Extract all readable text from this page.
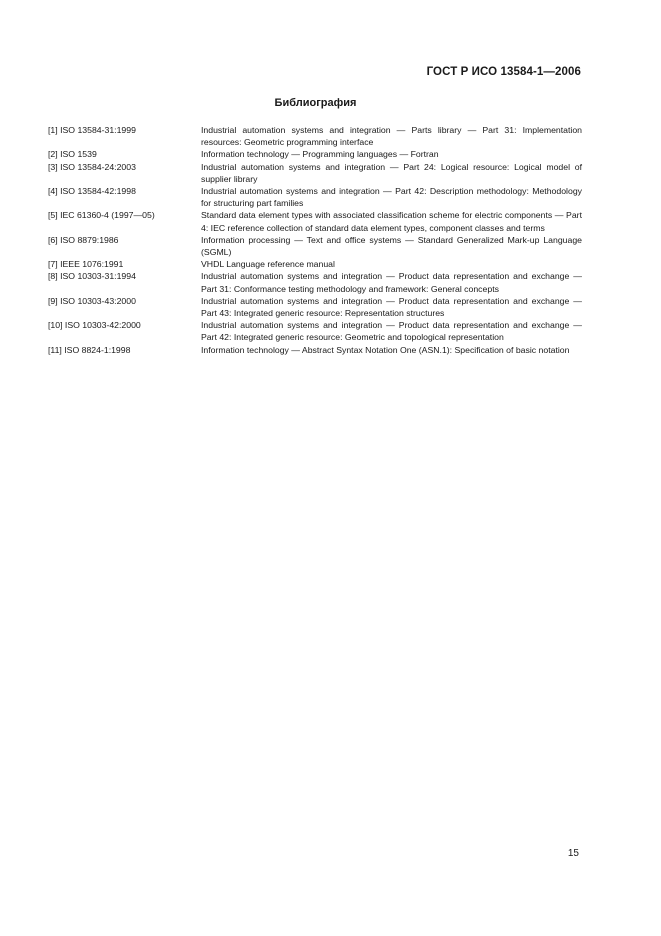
ГОСТ Р ИСО 13584-1—2006
Библиография
[1] ISO 13584-31:1999	Industrial automation systems and integration — Parts library — Part 31: Implementation resources: Geometric programming interface
[2] ISO 1539	Information technology — Programming languages — Fortran
[3] ISO 13584-24:2003	Industrial automation systems and integration — Part 24: Logical resource: Logical model of supplier library
[4] ISO 13584-42:1998	Industrial automation systems and integration — Part 42: Description methodology: Methodology for structuring part families
[5] IEC 61360-4 (1997—05)	Standard data element types with associated classification scheme for electric components — Part 4: IEC reference collection of standard data element types, component classes and terms
[6] ISO 8879:1986	Information processing — Text and office systems — Standard Generalized Mark-up Language (SGML)
[7] IEEE 1076:1991	VHDL Language reference manual
[8] ISO 10303-31:1994	Industrial automation systems and integration — Product data representation and exchange — Part 31: Conformance testing methodology and framework: General concepts
[9] ISO 10303-43:2000	Industrial automation systems and integration — Product data representation and exchange — Part 43: Integrated generic resource: Representation structures
[10] ISO 10303-42:2000	Industrial automation systems and integration — Product data representation and exchange — Part 42: Integrated generic resource: Geometric and topological representation
[11] ISO 8824-1:1998	Information technology — Abstract Syntax Notation One (ASN.1): Specification of basic notation
15
